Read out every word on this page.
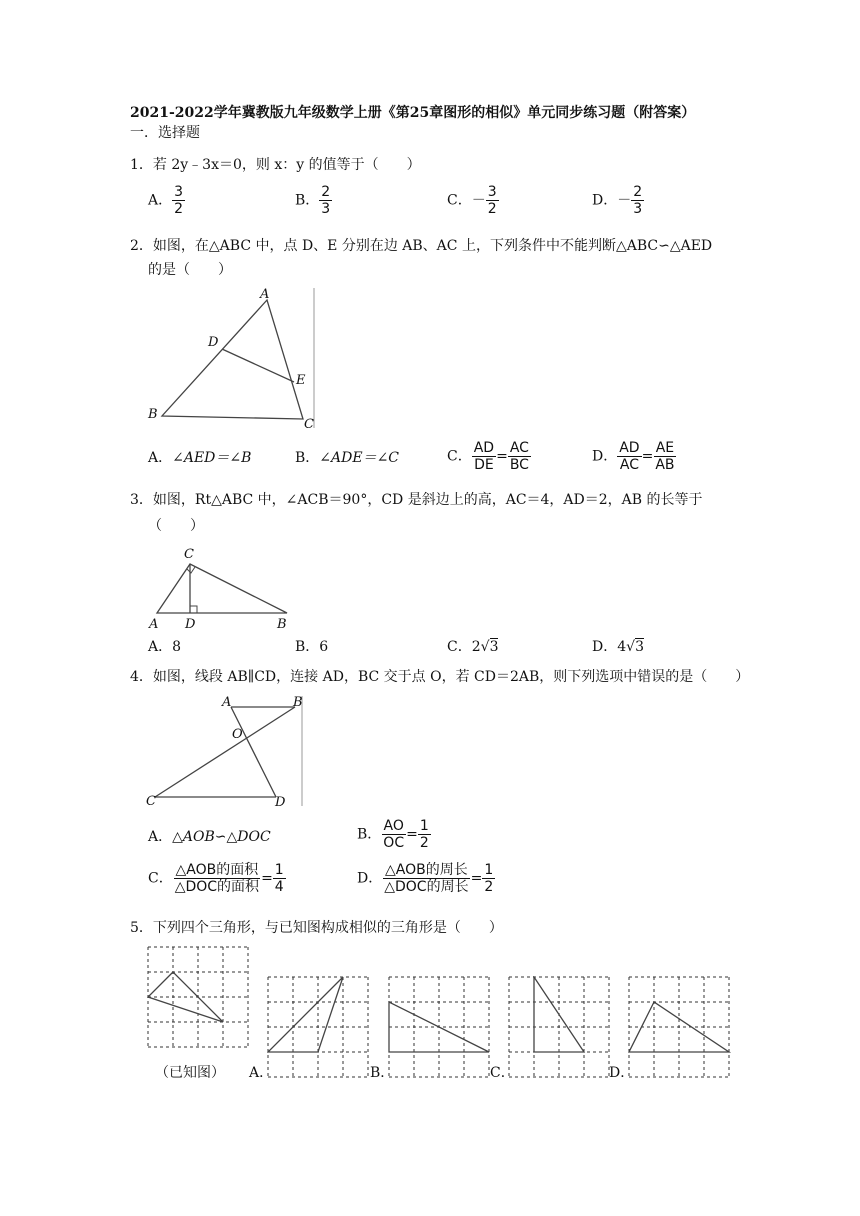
2021-2022学年冀教版九年级数学上册《第25章图形的相似》单元同步练习题（附答案）
一．选择题
1．若 2y﹣3x＝0，则 x：y 的值等于（　　）
A． $\frac{3}{2}$	B． $\frac{2}{3}$	C．－ $\frac{3}{2}$	D．－ $\frac{2}{3}$
2．如图，在△ABC 中，点 D、E 分别在边 AB、AC 上，下列条件中不能判断△ABC∽△AED
的是（　　）
A
D
E
B
C
A．∠AED＝∠B	B．∠ADE＝∠C	C． $\frac{AD}{DE} = \frac{AC}{BC}$	D． $\frac{AD}{AC} = \frac{AE}{AB}$
3．如图，Rt△ABC 中，∠ACB＝90°，CD 是斜边上的高，AC＝4，AD＝2，AB 的长等于
（　　）
C
A D	B
A．8	B．6	C．2√3	D．4√3
4．如图，线段 AB∥CD，连接 AD，BC 交于点 O，若 CD＝2AB，则下列选项中错误的是（　　）
A	B
O
C	D
A．△AOB∽△DOC	B． $\frac{AO}{OC} = \frac{1}{2}$
C． $\frac{\text{△AOB的面积}}{\text{△DOC的面积}} = \frac{1}{4}$	D． $\frac{\text{△AOB的周长}}{\text{△DOC的周长}} = \frac{1}{2}$
5．下列四个三角形，与已知图构成相似的三角形是（　　）
（已知图） A．	B．	C．	D．
